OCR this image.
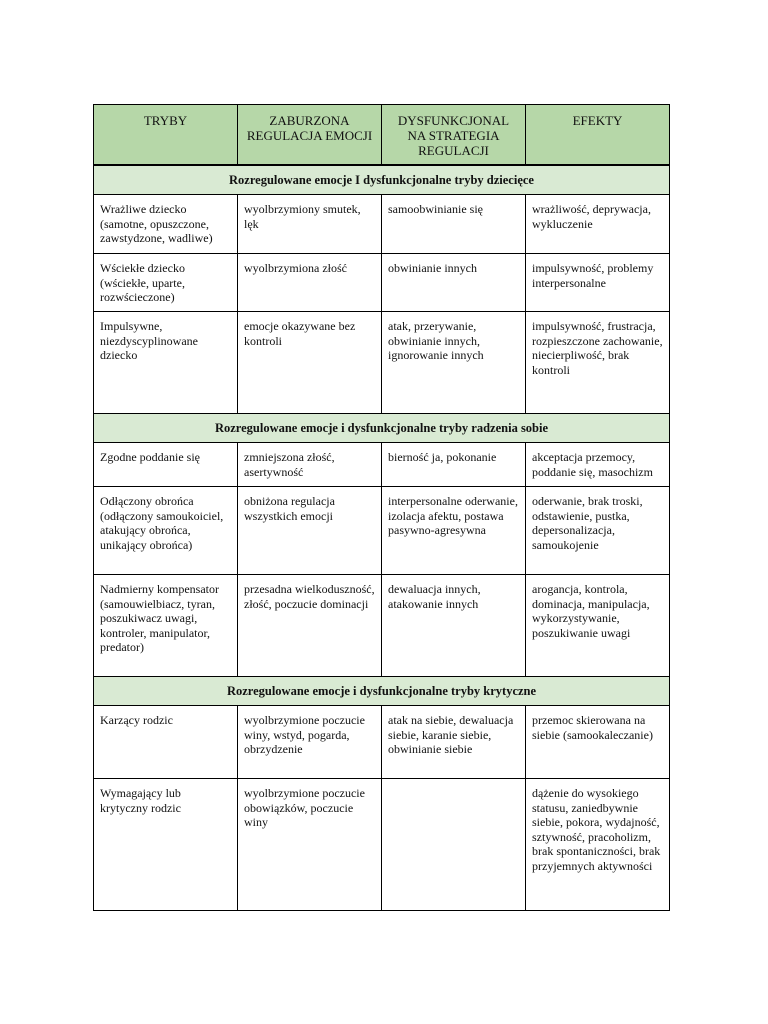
TRYBY	ZABURZONA REGULACJA EMOCJI	DYSFUNKCJONAL NA STRATEGIA REGULACJI	EFEKTY
Rozregulowane emocje I dysfunkcjonalne tryby dziecięce			
Wrażliwe dziecko (samotne, opuszczone, zawstydzone, wadliwe)	wyolbrzymiony smutek, lęk	samoobwinianie się	wrażliwość, deprywacja, wykluczenie
Wściekłe dziecko (wściekłe, uparte, rozwścieczone)	wyolbrzymiona złość	obwinianie innych	impulsywność, problemy interpersonalne
Impulsywne, niezdyscyplinowane dziecko	emocje okazywane bez kontroli	atak, przerywanie, obwinianie innych, ignorowanie innych	impulsywność, frustracja, rozpieszczone zachowanie, niecierpliwość, brak kontroli
Rozregulowane emocje i dysfunkcjonalne tryby radzenia sobie			
Zgodne poddanie się	zmniejszona złość, asertywność	bierność ja, pokonanie	akceptacja przemocy, poddanie się, masochizm
Odłączony obrońca (odłączony samoukoiciel, atakujący obrońca, unikający obrońca)	obniżona regulacja wszystkich emocji	interpersonalne oderwanie, izolacja afektu, postawa pasywno-agresywna	oderwanie, brak troski, odstawienie, pustka, depersonalizacja, samoukojenie
Nadmierny kompensator (samouwielbiacz, tyran, poszukiwacz uwagi, kontroler, manipulator, predator)	przesadna wielkoduszność, złość, poczucie dominacji	dewaluacja innych, atakowanie innych	arogancja, kontrola, dominacja, manipulacja, wykorzystywanie, poszukiwanie uwagi
Rozregulowane emocje i dysfunkcjonalne tryby krytyczne			
Karzący rodzic	wyolbrzymione poczucie winy, wstyd, pogarda, obrzydzenie	atak na siebie, dewaluacja siebie, karanie siebie, obwinianie siebie	przemoc skierowana na siebie (samookaleczanie)
Wymagający lub krytyczny rodzic	wyolbrzymione poczucie obowiązków, poczucie winy		dążenie do wysokiego statusu, zaniedbywnie siebie, pokora, wydajność, sztywność, pracoholizm, brak spontaniczności, brak przyjemnych aktywności
